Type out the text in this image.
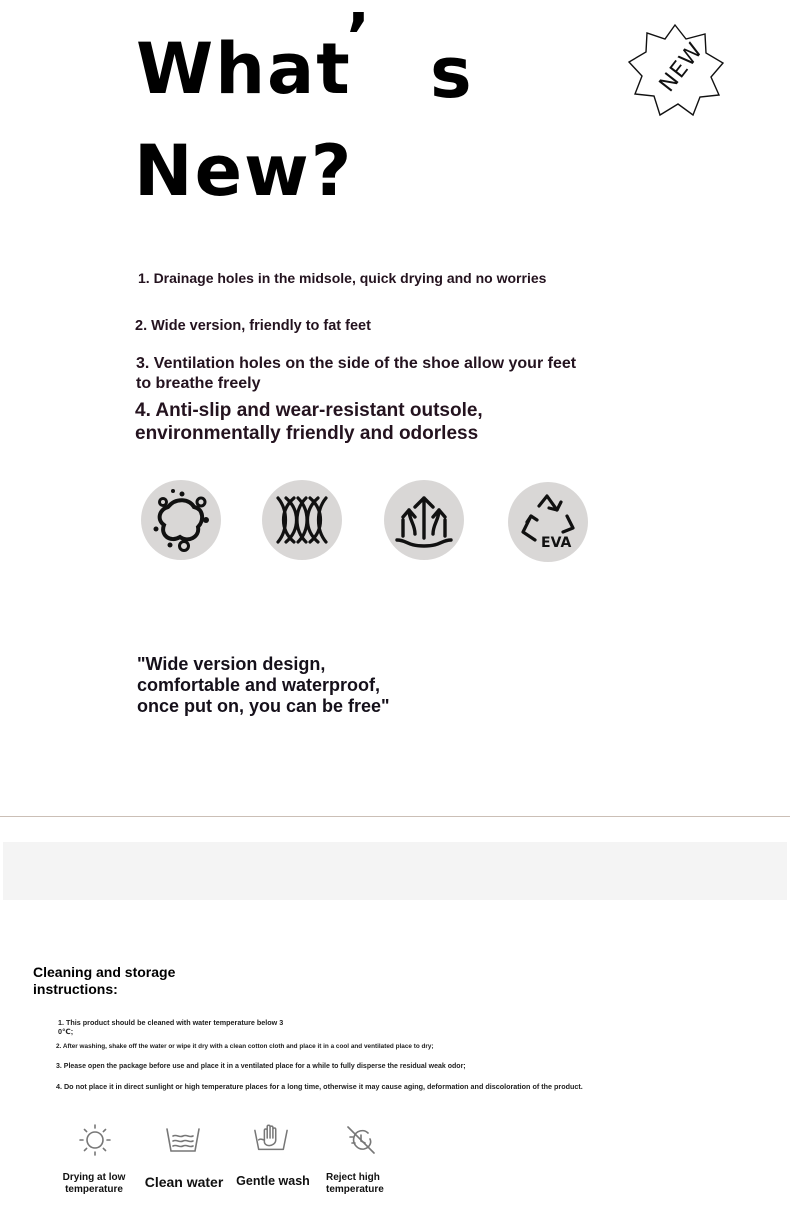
What
’ s
New?
NEW
1. Drainage holes in the midsole, quick drying and no worries
2. Wide version, friendly to fat feet
3. Ventilation holes on the side of the shoe allow your feet to breathe freely
4. Anti-slip and wear-resistant outsole, environmentally friendly and odorless
EVA
"Wide version design,
comfortable and waterproof,
once put on, you can be free"
Cleaning and storage
instructions:
1. This product should be cleaned with water temperature below 3
0℃;
2. After washing, shake off the water or wipe it dry with a clean cotton cloth and place it in a cool and ventilated place to dry;
3. Please open the package before use and place it in a ventilated place for a while to fully disperse the residual weak odor;
4. Do not place it in direct sunlight or high temperature places for a long time, otherwise it may cause aging, deformation and discoloration of the product.
Drying at low
temperature	Clean water	Gentle wash	Reject high
temperature
